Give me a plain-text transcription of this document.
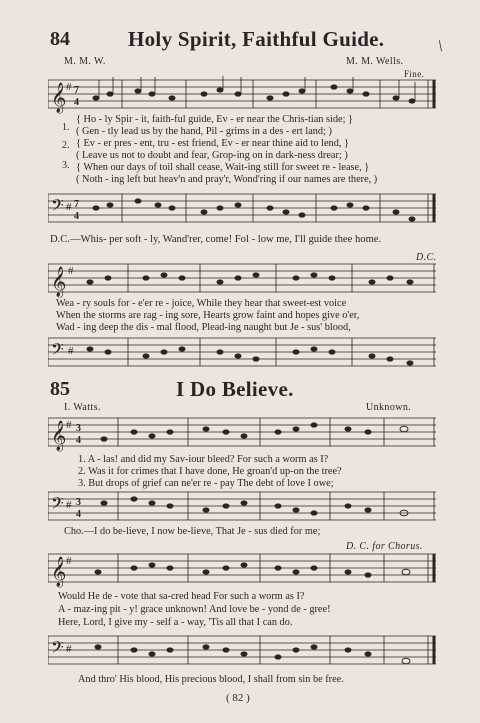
\
84	Holy Spirit, Faithful Guide.
M. M. W.	M. M. Wells.
Fine.
𝄞 # 7
4
1.
2.
3.
{ Ho - ly Spir - it, faith-ful guide, Ev - er near the Chris-tian side; }
( Gen - tly lead us by the hand, Pil - grims in a des - ert land; )
{ Ev - er pres - ent, tru - est friend, Ev - er near thine aid to lend, }
( Leave us not to doubt and fear, Grop-ing on in dark-ness drear; )
{ When our days of toil shall cease, Wait-ing still for sweet re - lease, }
( Noth - ing left but heav'n and pray'r, Wond'ring if our names are there, )
𝄢 # 7
4
D.C.—Whis- per soft - ly, Wand'rer, come! Fol - low me, I'll guide thee home.
D.C.
𝄞 #
Wea - ry souls for - e'er re - joice, While they hear that sweet-est voice
When the storms are rag - ing sore, Hearts grow faint and hopes give o'er,
Wad - ing deep the dis - mal flood, Plead-ing naught but Je - sus' blood,
𝄢 #
85	I Do Believe.
I. Watts.	Unknown.
𝄞 # 3
4
1. A - las! and did my Sav-iour bleed? For such a worm as I?
2. Was it for crimes that I have done, He groan'd up-on the tree?
3. But drops of grief can ne'er re - pay The debt of love I owe;
𝄢 # 3
4
Cho.—I do be-lieve, I now be-lieve, That Je - sus died for me;
D. C. for Chorus.
𝄞 #
Would He de - vote that sa-cred head For such a worm as I?
A - maz-ing pit - y! grace unknown! And love be - yond de - gree!
Here, Lord, I give my - self a - way, 'Tis all that I can do.
𝄢 #
And thro' His blood, His precious blood, I shall from sin be free.
( 82 )
